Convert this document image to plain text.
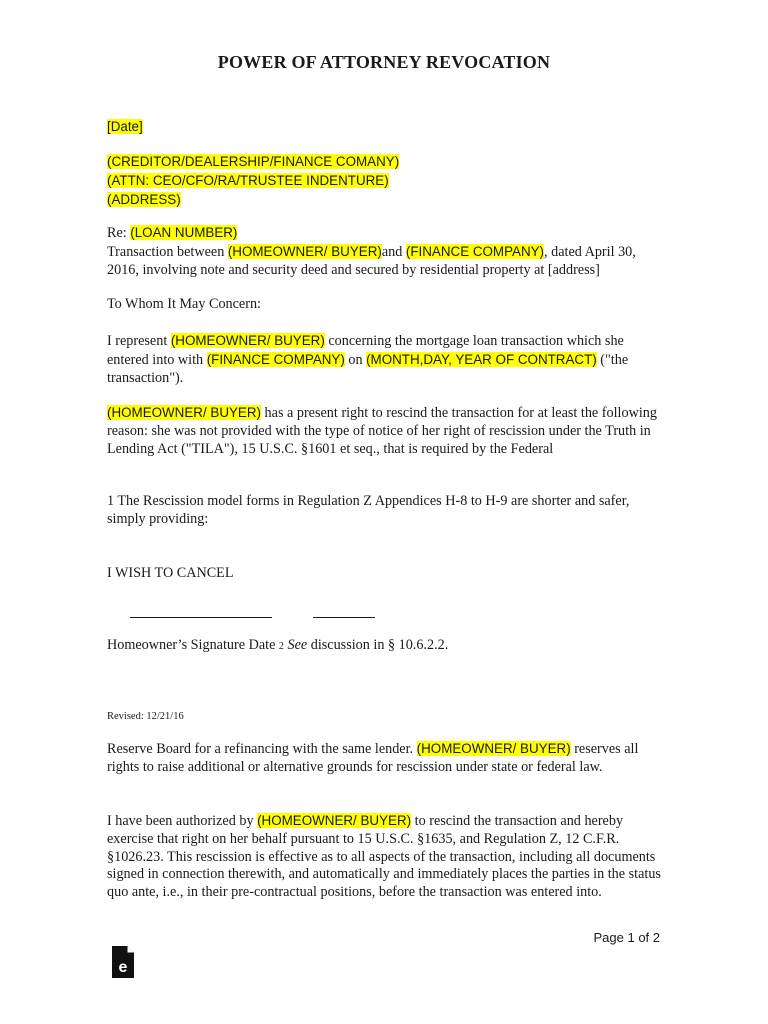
POWER OF ATTORNEY REVOCATION

[Date]

(CREDITOR/DEALERSHIP/FINANCE COMANY)
(ATTN: CEO/CFO/RA/TRUSTEE INDENTURE)
(ADDRESS)

Re: (LOAN NUMBER)
Transaction between (HOMEOWNER/ BUYER)and (FINANCE COMPANY), dated April 30, 2016, involving note and security deed and secured by residential property at [address]

To Whom It May Concern:

I represent (HOMEOWNER/ BUYER) concerning the mortgage loan transaction which she entered into with (FINANCE COMPANY) on (MONTH,DAY, YEAR OF CONTRACT) ("the transaction").

(HOMEOWNER/ BUYER) has a present right to rescind the transaction for at least the following reason: she was not provided with the type of notice of her right of rescission under the Truth in Lending Act ("TILA"), 15 U.S.C. §1601 et seq., that is required by the Federal

1 The Rescission model forms in Regulation Z Appendices H-8 to H-9 are shorter and safer, simply providing:

I WISH TO CANCEL

Homeowner’s Signature Date 2 See discussion in § 10.6.2.2.

Revised: 12/21/16

Reserve Board for a refinancing with the same lender. (HOMEOWNER/ BUYER) reserves all rights to raise additional or alternative grounds for rescission under state or federal law.

I have been authorized by (HOMEOWNER/ BUYER) to rescind the transaction and hereby exercise that right on her behalf pursuant to 15 U.S.C. §1635, and Regulation Z, 12 C.F.R. §1026.23. This rescission is effective as to all aspects of the transaction, including all documents signed in connection therewith, and automatically and immediately places the parties in the status quo ante, i.e., in their pre-contractual positions, before the transaction was entered into.

Page 1 of 2

e
